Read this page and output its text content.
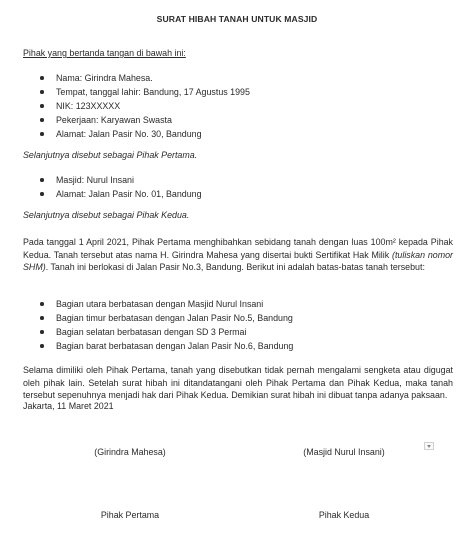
SURAT HIBAH TANAH UNTUK MASJID
Pihak yang bertanda tangan di bawah ini:
Nama: Girindra Mahesa.
Tempat, tanggal lahir: Bandung, 17 Agustus 1995
NIK: 123XXXXX
Pekerjaan: Karyawan Swasta
Alamat: Jalan Pasir No. 30, Bandung
Selanjutnya disebut sebagai Pihak Pertama.
Masjid: Nurul Insani
Alamat: Jalan Pasir No. 01, Bandung
Selanjutnya disebut sebagai Pihak Kedua.
Pada tanggal 1 April 2021, Pihak Pertama menghibahkan sebidang tanah dengan luas 100m² kepada Pihak Kedua. Tanah tersebut atas nama H. Girindra Mahesa yang disertai bukti Sertifikat Hak Milik (tuliskan nomor SHM). Tanah ini berlokasi di Jalan Pasir No.3, Bandung. Berikut ini adalah batas-batas tanah tersebut:
Bagian utara berbatasan dengan Masjid Nurul Insani
Bagian timur berbatasan dengan Jalan Pasir No.5, Bandung
Bagian selatan berbatasan dengan SD 3 Permai
Bagian barat berbatasan dengan Jalan Pasir No.6, Bandung
Selama dimiliki oleh Pihak Pertama, tanah yang disebutkan tidak pernah mengalami sengketa atau digugat oleh pihak lain. Setelah surat hibah ini ditandatangani oleh Pihak Pertama dan Pihak Kedua, maka tanah tersebut sepenuhnya menjadi hak dari Pihak Kedua. Demikian surat hibah ini dibuat tanpa adanya paksaan.
Jakarta, 11 Maret 2021
(Girindra Mahesa)	(Masjid Nurul Insani)
Pihak Pertama	Pihak Kedua
